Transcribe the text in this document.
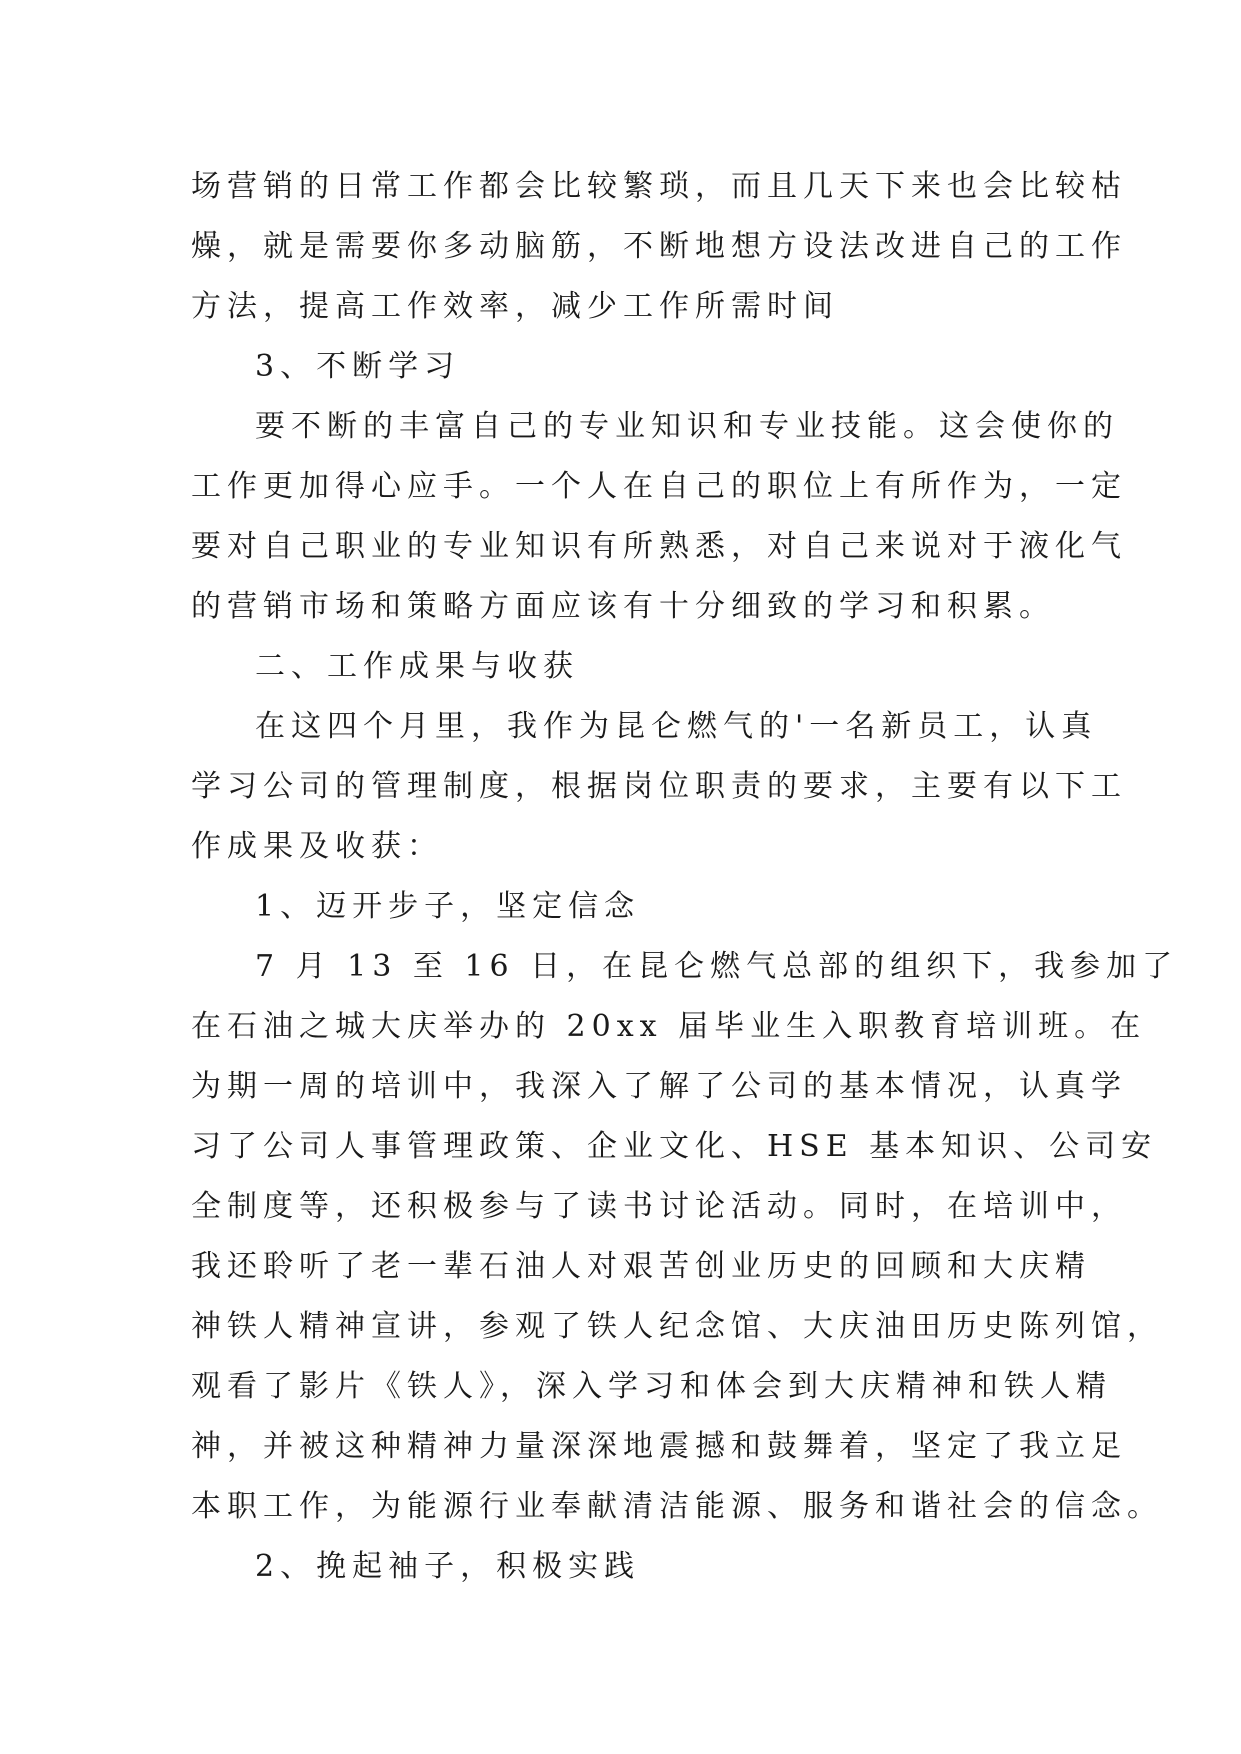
场营销的日常工作都会比较繁琐，而且几天下来也会比较枯
燥，就是需要你多动脑筋，不断地想方设法改进自己的工作
方法，提高工作效率，减少工作所需时间
3、不断学习
要不断的丰富自己的专业知识和专业技能。这会使你的
工作更加得心应手。一个人在自己的职位上有所作为，一定
要对自己职业的专业知识有所熟悉，对自己来说对于液化气
的营销市场和策略方面应该有十分细致的学习和积累。
二、工作成果与收获
在这四个月里，我作为昆仑燃气的'一名新员工，认真
学习公司的管理制度，根据岗位职责的要求，主要有以下工
作成果及收获：
1、迈开步子，坚定信念
7 月 13 至 16 日，在昆仑燃气总部的组织下，我参加了
在石油之城大庆举办的 20xx 届毕业生入职教育培训班。在
为期一周的培训中，我深入了解了公司的基本情况，认真学
习了公司人事管理政策、企业文化、HSE 基本知识、公司安
全制度等，还积极参与了读书讨论活动。同时，在培训中，
我还聆听了老一辈石油人对艰苦创业历史的回顾和大庆精
神铁人精神宣讲，参观了铁人纪念馆、大庆油田历史陈列馆，
观看了影片《铁人》，深入学习和体会到大庆精神和铁人精
神，并被这种精神力量深深地震撼和鼓舞着，坚定了我立足
本职工作，为能源行业奉献清洁能源、服务和谐社会的信念。
2、挽起袖子，积极实践
